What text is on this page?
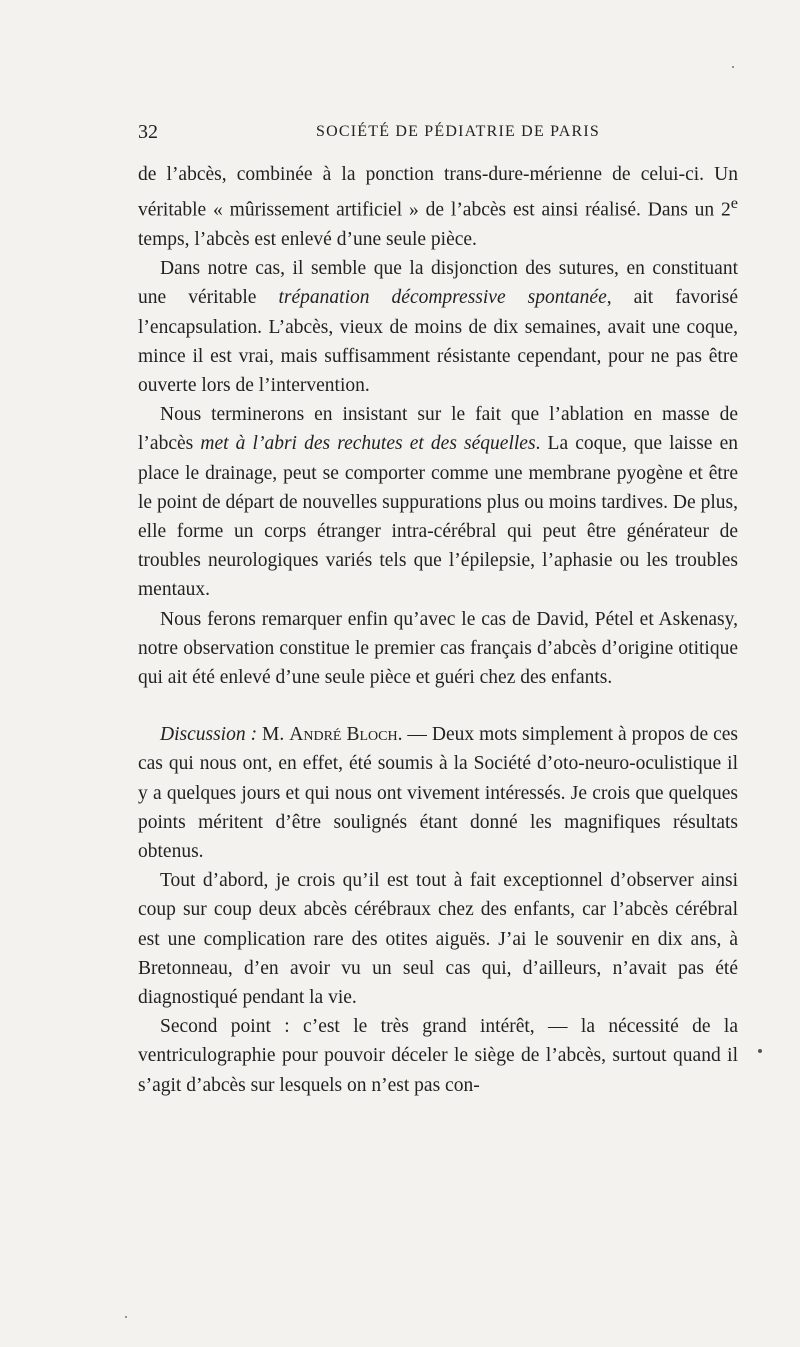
32	SOCIÉTÉ DE PÉDIATRIE DE PARIS

de l’abcès, combinée à la ponction trans-dure-mérienne de celui-ci. Un véritable « mûrissement artificiel » de l’abcès est ainsi réalisé. Dans un 2e temps, l’abcès est enlevé d’une seule pièce.

Dans notre cas, il semble que la disjonction des sutures, en constituant une véritable trépanation décompressive spontanée, ait favorisé l’encapsulation. L’abcès, vieux de moins de dix semaines, avait une coque, mince il est vrai, mais suffisamment résistante cependant, pour ne pas être ouverte lors de l’intervention.

Nous terminerons en insistant sur le fait que l’ablation en masse de l’abcès met à l’abri des rechutes et des séquelles. La coque, que laisse en place le drainage, peut se comporter comme une membrane pyogène et être le point de départ de nouvelles suppurations plus ou moins tardives. De plus, elle forme un corps étranger intra-cérébral qui peut être générateur de troubles neurologiques variés tels que l’épilepsie, l’aphasie ou les troubles mentaux.

Nous ferons remarquer enfin qu’avec le cas de David, Pétel et Askenasy, notre observation constitue le premier cas français d’abcès d’origine otitique qui ait été enlevé d’une seule pièce et guéri chez des enfants.

Discussion : M. André Bloch. — Deux mots simplement à propos de ces cas qui nous ont, en effet, été soumis à la Société d’oto-neuro-oculistique il y a quelques jours et qui nous ont vivement intéressés. Je crois que quelques points méritent d’être soulignés étant donné les magnifiques résultats obtenus.

Tout d’abord, je crois qu’il est tout à fait exceptionnel d’observer ainsi coup sur coup deux abcès cérébraux chez des enfants, car l’abcès cérébral est une complication rare des otites aiguës. J’ai le souvenir en dix ans, à Bretonneau, d’en avoir vu un seul cas qui, d’ailleurs, n’avait pas été diagnostiqué pendant la vie.

Second point : c’est le très grand intérêt, — la nécessité de la ventriculographie pour pouvoir déceler le siège de l’abcès, surtout quand il s’agit d’abcès sur lesquels on n’est pas con-
